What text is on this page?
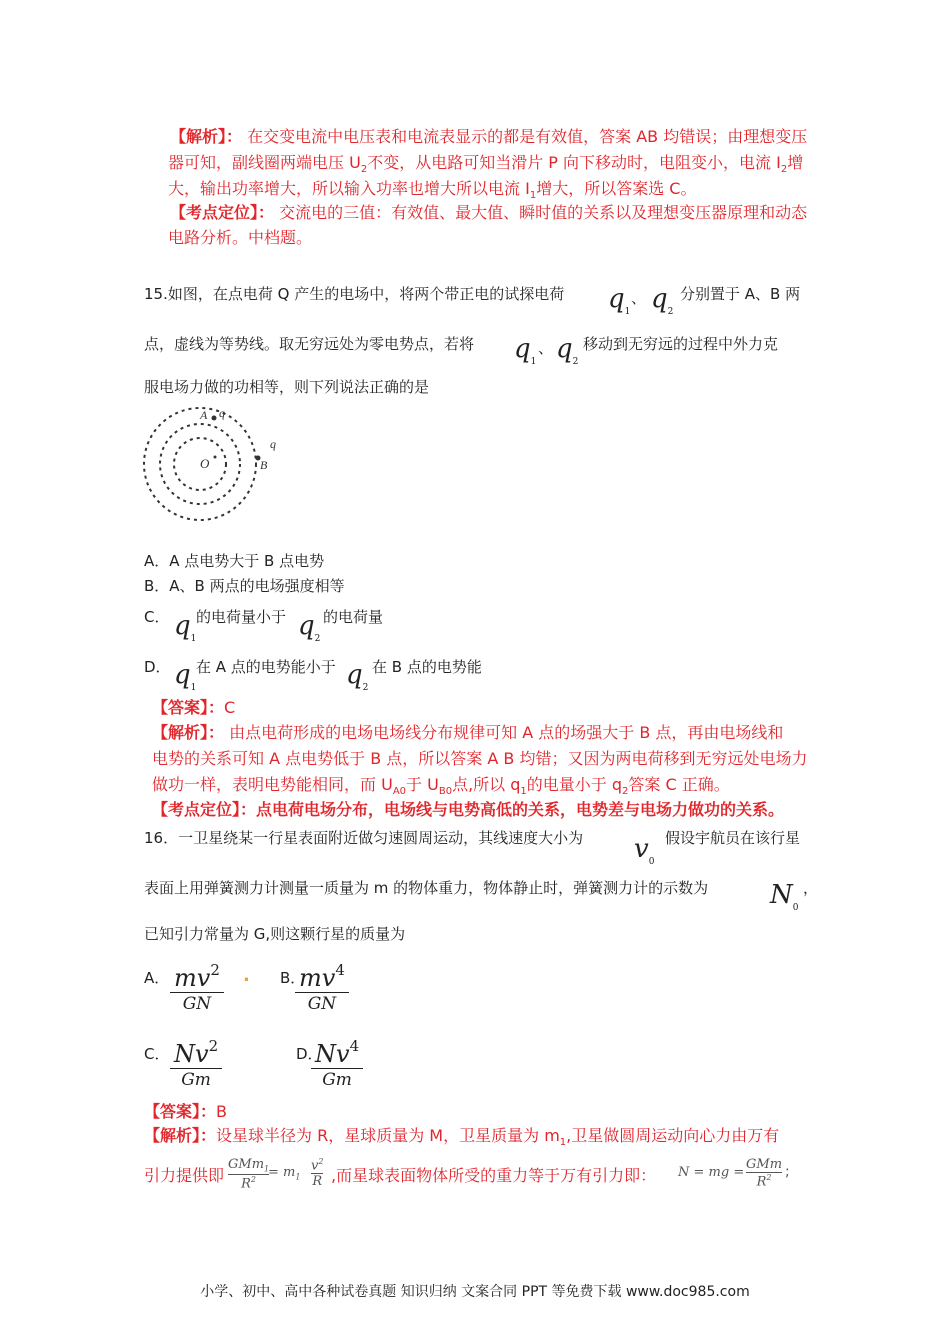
【解析】： 在交变电流中电压表和电流表显示的都是有效值，答案 AB 均错误；由理想变压
器可知，副线圈两端电压 $U_2$不变，从电路可知当滑片 P 向下移动时，电阻变小，电流 $I_2$增
大，输出功率增大，所以输入功率也增大所以电流 $I_1$增大，所以答案选 C。
【考点定位】： 交流电的三值：有效值、最大值、瞬时值的关系以及理想变压器原理和动态
电路分析。中档题。
15.如图，在点电荷 Q 产生的电场中，将两个带正电的试探电荷 $q_1$
、 $q_2$
分别置于 A、B 两
点，虚线为等势线。取无穷远处为零电势点，若将 $q_1$
、 $q_2$
移动到无穷远的过程中外力克
服电场力做的功相等，则下列说法正确的是
A q
q
O	B
A．A 点电势大于 B 点电势
B．A、B 两点的电场强度相等
C． $q_1$
的电荷量小于 $q_2$
的电荷量
D． $q_1$
在 A 点的电势能小于 $q_2$
在 B 点的电势能
【答案】：C
【解析】： 由点电荷形成的电场电场线分布规律可知 A 点的场强大于 B 点，再由电场线和
电势的关系可知 A 点电势低于 B 点，所以答案 A B 均错；又因为两电荷移到无穷远处电场力
做功一样，表明电势能相同，而 $U_{A0}$于 $U_{B0}$点,所以 $q_1$的电量小于 $q_2$答案 C 正确。
【考点定位】：点电荷电场分布，电场线与电势高低的关系，电势差与电场力做功的关系。
16．一卫星绕某一行星表面附近做匀速圆周运动，其线速度大小为 $v_0$
假设宇航员在该行星
表面上用弹簧测力计测量一质量为 m 的物体重力，物体静止时，弹簧测力计的示数为 $N_0$
，
已知引力常量为 G,则这颗行星的质量为
A． $mv^2$
GN
. B．
$mv^4$
GN
C． Nv$^2$
Gm
D．
Nv$^4$
Gm
【答案】：B
【解析】：设星球半径为 R，星球质量为 M，卫星质量为 $m_1$,卫星做圆周运动向心力由万有
引力提供即
GMm$_1$
$R^2 = m_1$
$v^2$
R ,而星球表面物体所受的重力等于万有引力即： N = mg =
GMm
$R^2$ ;
小学、初中、高中各种试卷真题 知识归纳 文案合同 PPT 等免费下载 www.doc985.com
